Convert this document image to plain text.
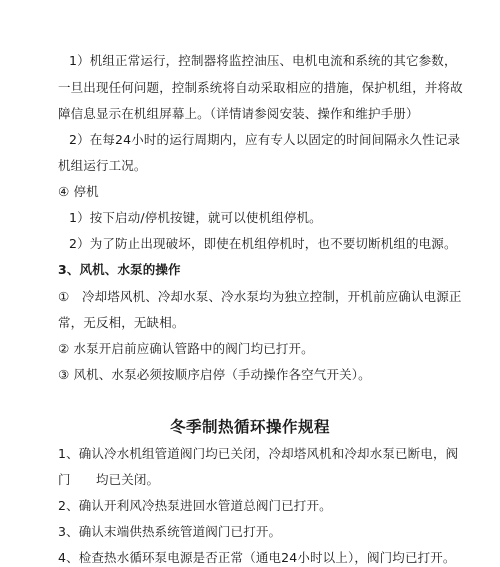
1）机组正常运行，控制器将监控油压、电机电流和系统的其它参数，
一旦出现任何问题，控制系统将自动采取相应的措施，保护机组，并将故
障信息显示在机组屏幕上。（详情请参阅安装、操作和维护手册）
2）在每24小时的运行周期内，应有专人以固定的时间间隔永久性记录
机组运行工况。
④ 停机
1）按下启动/停机按键，就可以使机组停机。
2）为了防止出现破坏，即使在机组停机时，也不要切断机组的电源。
3、风机、水泵的操作
①　冷却塔风机、冷却水泵、冷水泵均为独立控制，开机前应确认电源正
常，无反相，无缺相。
② 水泵开启前应确认管路中的阀门均已打开。
③ 风机、水泵必须按顺序启停（手动操作各空气开关）。
冬季制热循环操作规程
1、确认冷水机组管道阀门均已关闭，冷却塔风机和冷却水泵已断电，阀
门　　均已关闭。
2、确认开利风冷热泵进回水管道总阀门已打开。
3、确认末端供热系统管道阀门已打开。
4、检查热水循环泵电源是否正常（通电24小时以上），阀门均已打开。
